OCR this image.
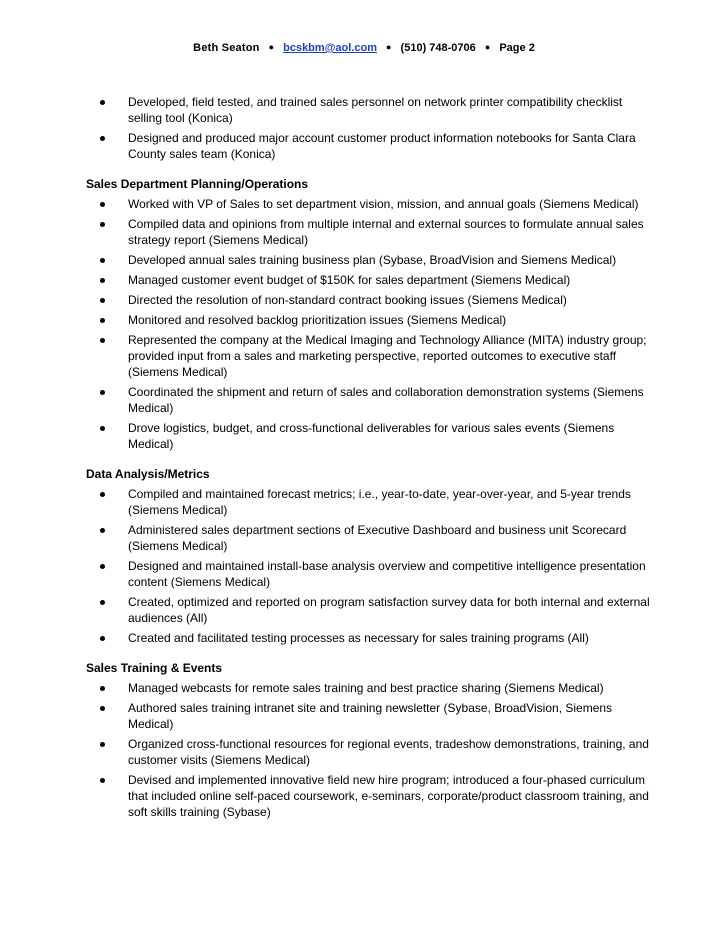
Beth Seaton ● bcskbm@aol.com ● (510) 748-0706 ● Page 2
Developed, field tested, and trained sales personnel on network printer compatibility checklist selling tool (Konica)
Designed and produced major account customer product information notebooks for Santa Clara County sales team (Konica)
Sales Department Planning/Operations
Worked with VP of Sales to set department vision, mission, and annual goals (Siemens Medical)
Compiled data and opinions from multiple internal and external sources to formulate annual sales strategy report (Siemens Medical)
Developed annual sales training business plan (Sybase, BroadVision and Siemens Medical)
Managed customer event budget of $150K for sales department (Siemens Medical)
Directed the resolution of non-standard contract booking issues (Siemens Medical)
Monitored and resolved backlog prioritization issues (Siemens Medical)
Represented the company at the Medical Imaging and Technology Alliance (MITA) industry group; provided input from a sales and marketing perspective, reported outcomes to executive staff (Siemens Medical)
Coordinated the shipment and return of sales and collaboration demonstration systems (Siemens Medical)
Drove logistics, budget, and cross-functional deliverables for various sales events (Siemens Medical)
Data Analysis/Metrics
Compiled and maintained forecast metrics; i.e., year-to-date, year-over-year, and 5-year trends (Siemens Medical)
Administered sales department sections of Executive Dashboard and business unit Scorecard (Siemens Medical)
Designed and maintained install-base analysis overview and competitive intelligence presentation content (Siemens Medical)
Created, optimized and reported on program satisfaction survey data for both internal and external audiences (All)
Created and facilitated testing processes as necessary for sales training programs (All)
Sales Training & Events
Managed webcasts for remote sales training and best practice sharing (Siemens Medical)
Authored sales training intranet site and training newsletter (Sybase, BroadVision, Siemens Medical)
Organized cross-functional resources for regional events, tradeshow demonstrations, training, and customer visits (Siemens Medical)
Devised and implemented innovative field new hire program; introduced a four-phased curriculum that included online self-paced coursework, e-seminars, corporate/product classroom training, and soft skills training (Sybase)
